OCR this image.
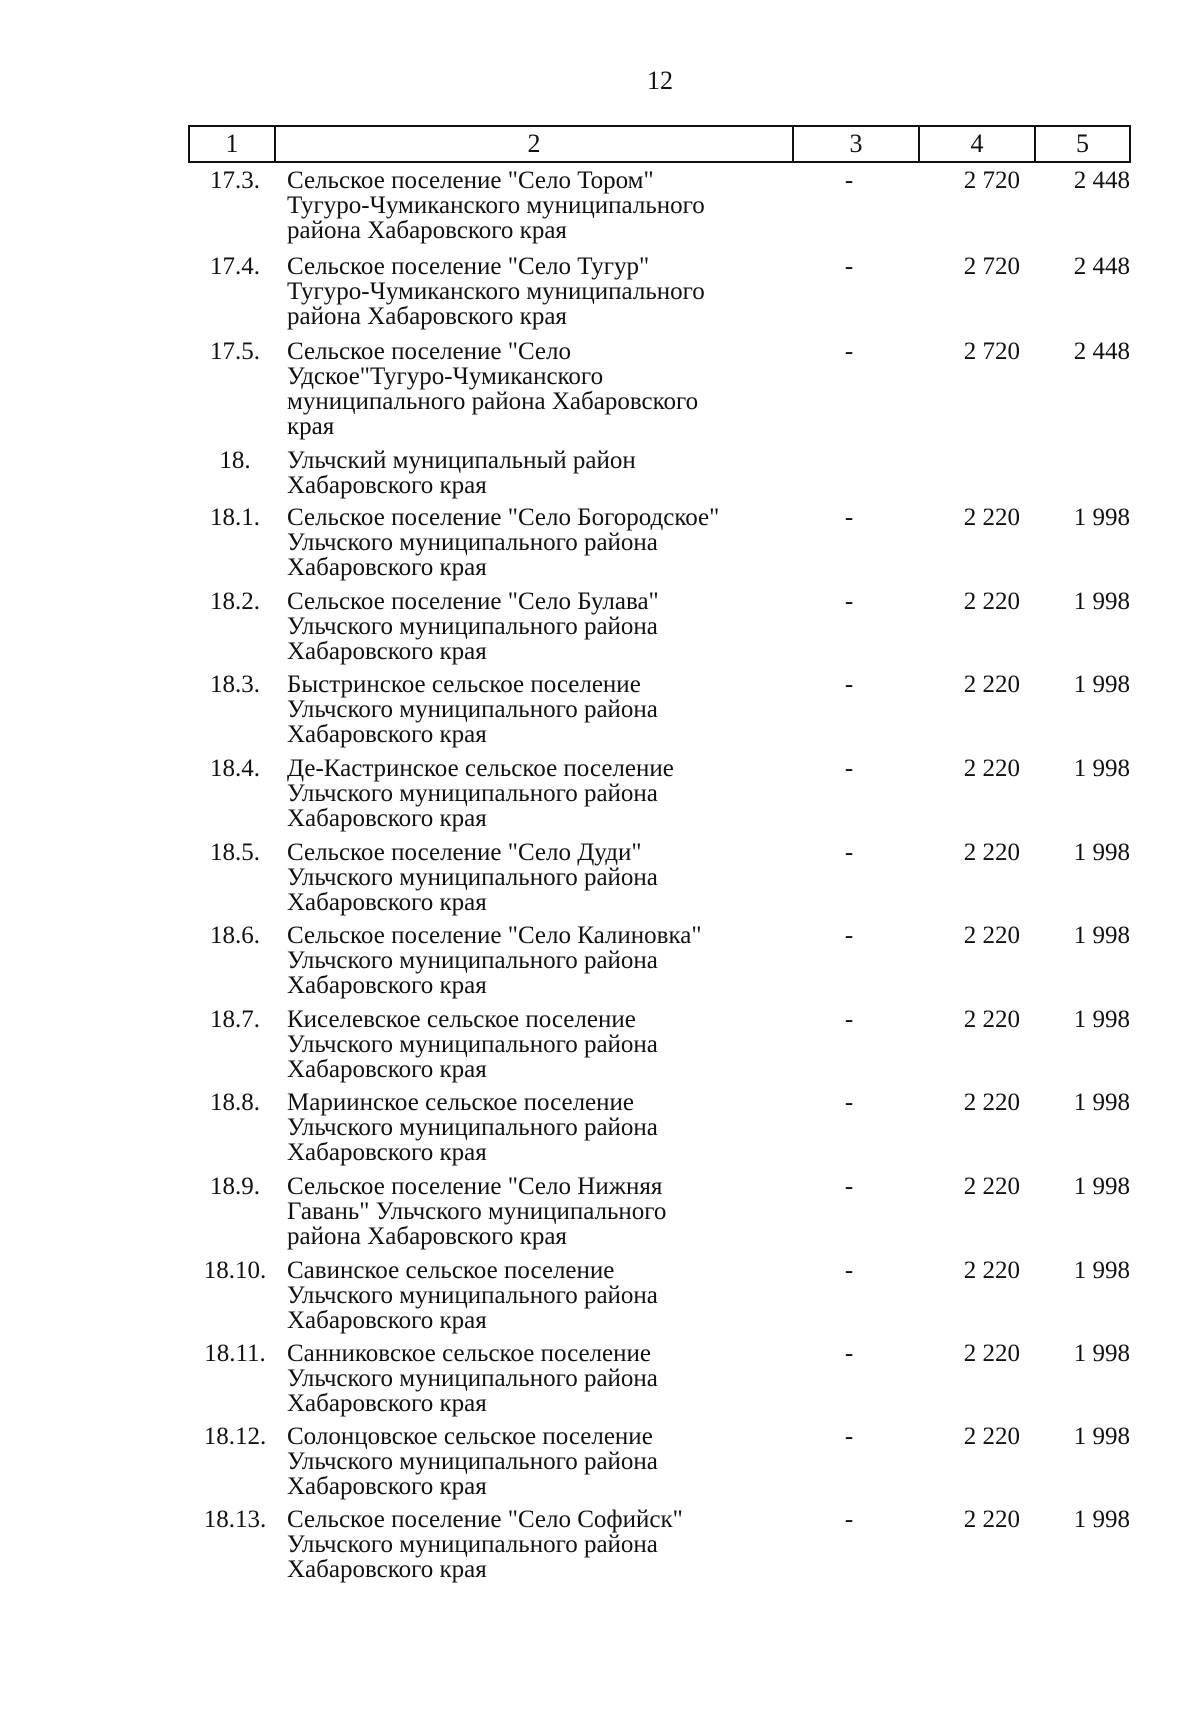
12
1	2	3	4	5
17.3.	Сельское поселение "Село Тором"
Тугуро-Чумиканского муниципального
района Хабаровского края
-	2 720	2 448
17.4.	Сельское поселение "Село Тугур"
Тугуро-Чумиканского муниципального
района Хабаровского края
-	2 720	2 448
17.5.	Сельское поселение "Село
Удское"Тугуро-Чумиканского
муниципального района Хабаровского
края
-	2 720	2 448
18.	Ульчский муниципальный район
Хабаровского края
18.1.	Сельское поселение "Село Богородское"
Ульчского муниципального района
Хабаровского края
-	2 220	1 998
18.2.	Сельское поселение "Село Булава"
Ульчского муниципального района
Хабаровского края
-	2 220	1 998
18.3.	Быстринское сельское поселение
Ульчского муниципального района
Хабаровского края
-	2 220	1 998
18.4.	Де-Кастринское сельское поселение
Ульчского муниципального района
Хабаровского края
-	2 220	1 998
18.5.	Сельское поселение "Село Дуди"
Ульчского муниципального района
Хабаровского края
-	2 220	1 998
18.6.	Сельское поселение "Село Калиновка"
Ульчского муниципального района
Хабаровского края
-	2 220	1 998
18.7.	Киселевское сельское поселение
Ульчского муниципального района
Хабаровского края
-	2 220	1 998
18.8.	Мариинское сельское поселение
Ульчского муниципального района
Хабаровского края
-	2 220	1 998
18.9.	Сельское поселение "Село Нижняя
Гавань" Ульчского муниципального
района Хабаровского края
-	2 220	1 998
18.10. Савинское сельское поселение
Ульчского муниципального района
Хабаровского края
-	2 220	1 998
18.11. Санниковское сельское поселение
Ульчского муниципального района
Хабаровского края
-	2 220	1 998
18.12. Солонцовское сельское поселение
Ульчского муниципального района
Хабаровского края
-	2 220	1 998
18.13. Сельское поселение "Село Софийск"
Ульчского муниципального района
Хабаровского края
-	2 220	1 998
